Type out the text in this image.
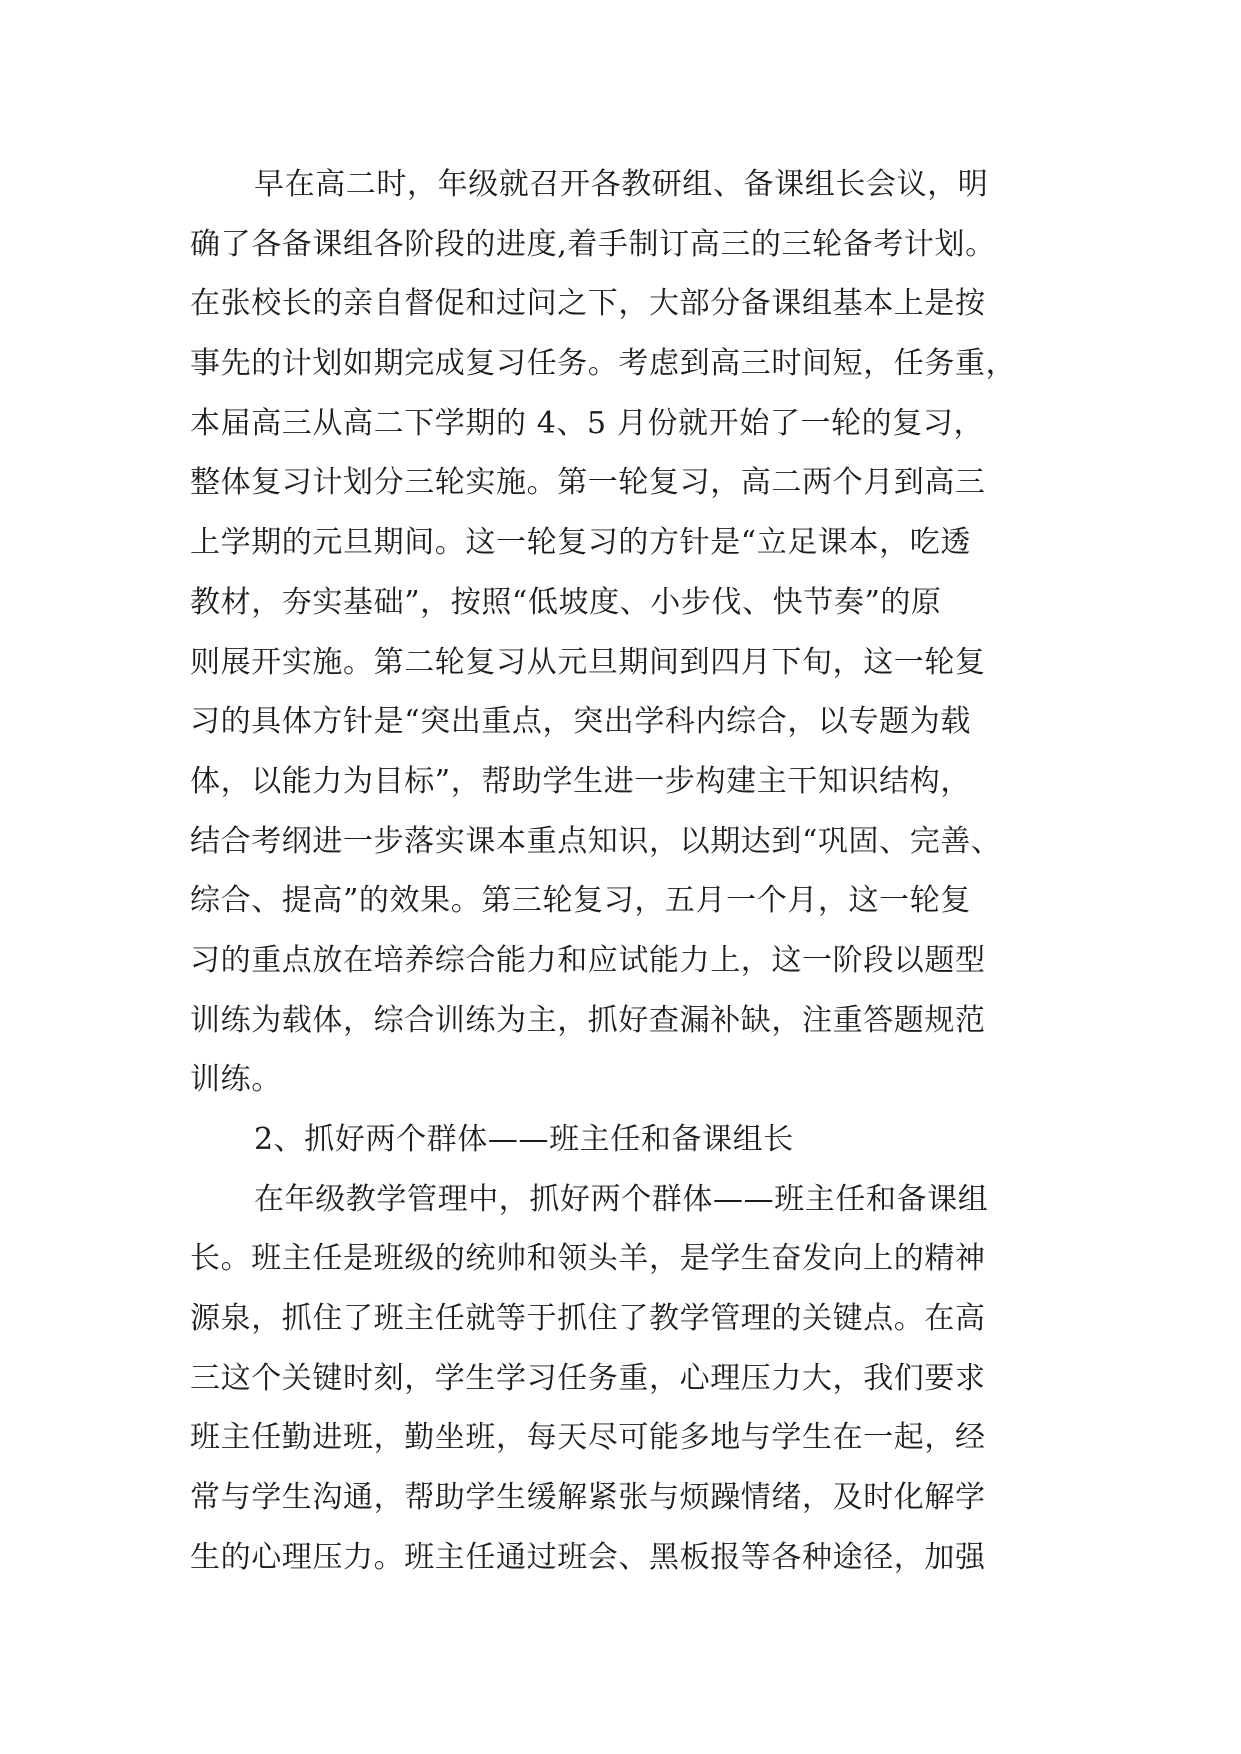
早在高二时，年级就召开各教研组、备课组长会议，明
确了各备课组各阶段的进度,着手制订高三的三轮备考计划。
在张校长的亲自督促和过问之下，大部分备课组基本上是按
事先的计划如期完成复习任务。考虑到高三时间短，任务重，
本届高三从高二下学期的 4、5 月份就开始了一轮的复习，
整体复习计划分三轮实施。第一轮复习，高二两个月到高三
上学期的元旦期间。这一轮复习的方针是“立足课本，吃透
教材，夯实基础”，按照“低坡度、小步伐、快节奏”的原
则展开实施。第二轮复习从元旦期间到四月下旬，这一轮复
习的具体方针是“突出重点，突出学科内综合，以专题为载
体，以能力为目标”，帮助学生进一步构建主干知识结构，
结合考纲进一步落实课本重点知识，以期达到“巩固、完善、
综合、提高”的效果。第三轮复习，五月一个月，这一轮复
习的重点放在培养综合能力和应试能力上，这一阶段以题型
训练为载体，综合训练为主，抓好查漏补缺，注重答题规范
训练。
2、抓好两个群体——班主任和备课组长
在年级教学管理中，抓好两个群体——班主任和备课组
长。班主任是班级的统帅和领头羊，是学生奋发向上的精神
源泉，抓住了班主任就等于抓住了教学管理的关键点。在高
三这个关键时刻，学生学习任务重，心理压力大，我们要求
班主任勤进班，勤坐班，每天尽可能多地与学生在一起，经
常与学生沟通，帮助学生缓解紧张与烦躁情绪，及时化解学
生的心理压力。班主任通过班会、黑板报等各种途径，加强
